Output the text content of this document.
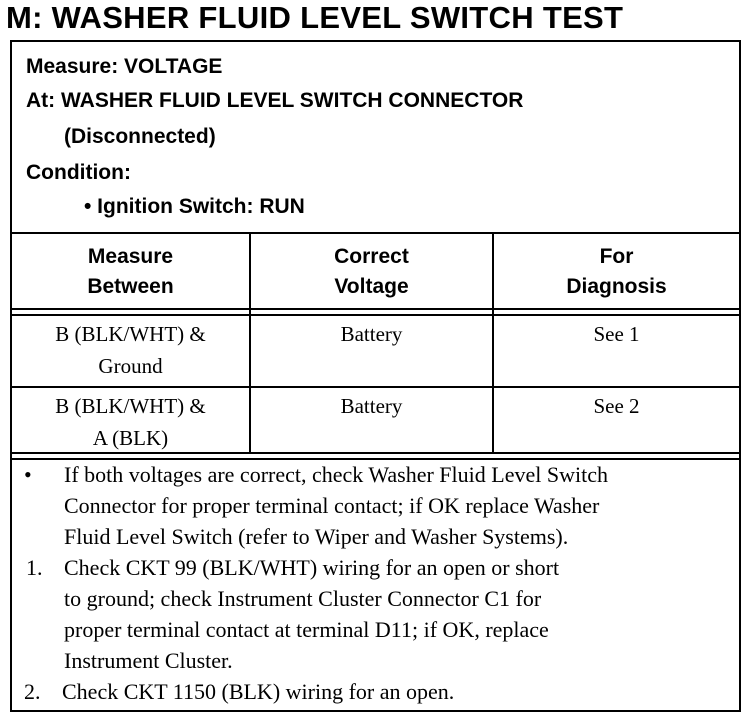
M: WASHER FLUID LEVEL SWITCH TEST
Measure: VOLTAGE
At: WASHER FLUID LEVEL SWITCH CONNECTOR
(Disconnected)
Condition:
• Ignition Switch: RUN
Measure
Between
Correct
Voltage
For
Diagnosis
B (BLK/WHT) &
Ground
Battery	See 1
B (BLK/WHT) &
A (BLK)
Battery	See 2
• If both voltages are correct, check Washer Fluid Level Switch
Connector for proper terminal contact; if OK replace Washer
Fluid Level Switch (refer to Wiper and Washer Systems).
1. Check CKT 99 (BLK/WHT) wiring for an open or short
to ground; check Instrument Cluster Connector C1 for
proper terminal contact at terminal D11; if OK, replace
Instrument Cluster.
2. Check CKT 1150 (BLK) wiring for an open.
